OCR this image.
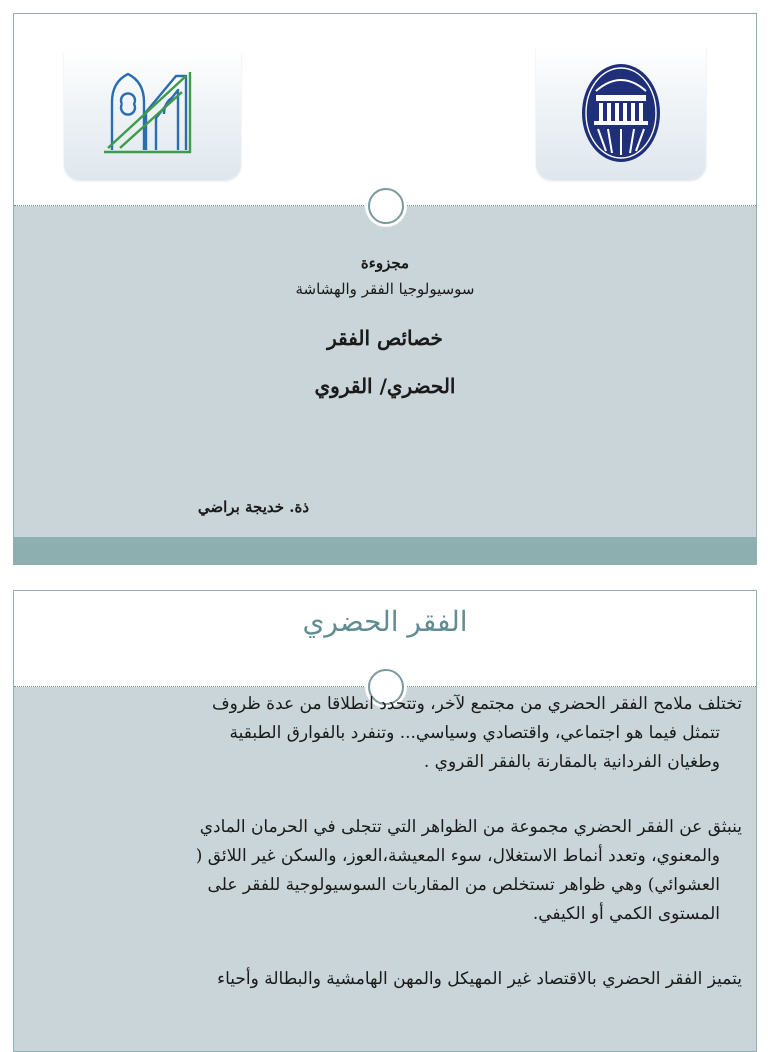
مجزوءة
سوسيولوجيا الفقر والهشاشة
خصائص الفقر
الحضري/ القروي
ذة. خديجة براضي
الفقر الحضري
تختلف ملامح الفقر الحضري من مجتمع لآخر، وتتحدد انطلاقا من عدة ظروف
تتمثل فيما هو اجتماعي، واقتصادي وسياسي... وتنفرد بالفوارق الطبقية
وطغيان الفردانية بالمقارنة بالفقر القروي .
ينبثق عن الفقر الحضري مجموعة من الظواهر التي تتجلى في الحرمان المادي
والمعنوي، وتعدد أنماط الاستغلال، سوء المعيشة،العوز، والسكن غير اللائق (
العشوائي) وهي ظواهر تستخلص من المقاربات السوسيولوجية للفقر على
المستوى الكمي أو الكيفي.
يتميز الفقر الحضري بالاقتصاد غير المهيكل والمهن الهامشية والبطالة وأحياء
